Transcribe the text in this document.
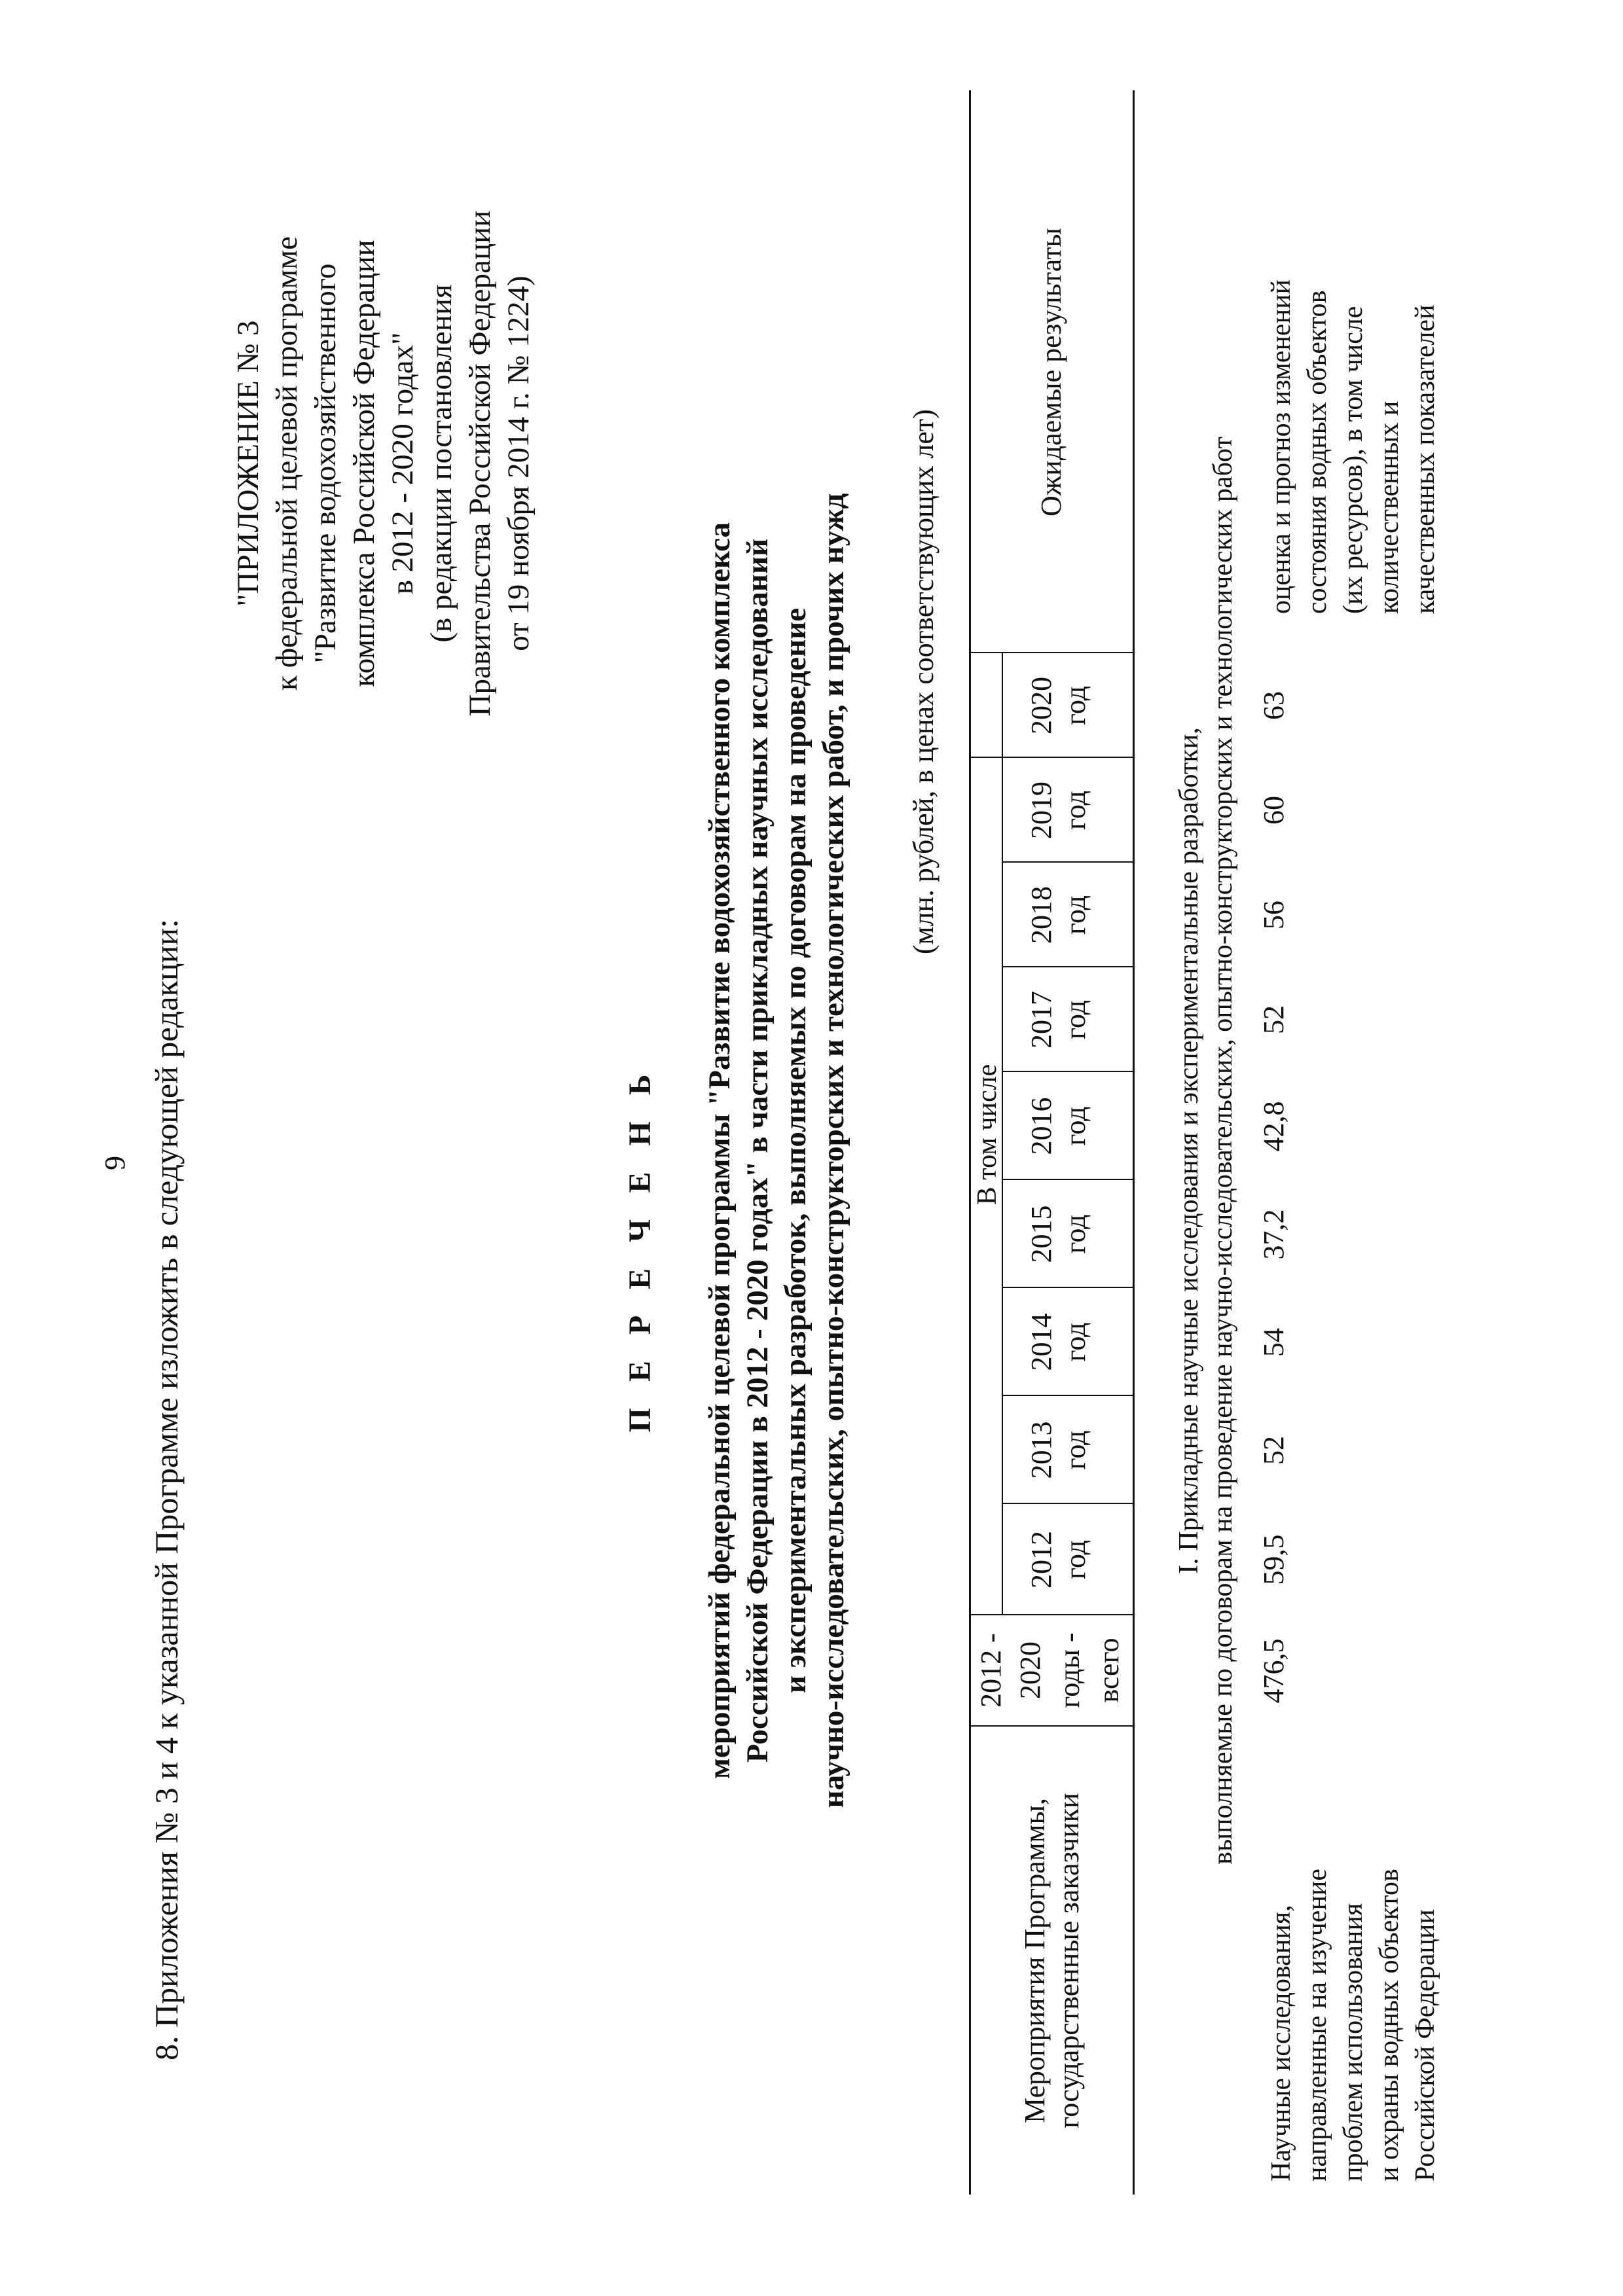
9 8. Приложения № 3 и 4 к указанной Программе изложить в следующей редакции:
"ПРИЛОЖЕНИЕ № 3 к федеральной целевой программе "Развитие водохозяйственного комплекса Российской Федерации в 2012 - 2020 годах" (в редакции постановления Правительства Российской Федерации от 19 ноября 2014 г. № 1224)
П Е Р Е Ч Е Н Ь мероприятий федеральной целевой программы "Развитие водохозяйственного комплекса Российской Федерации в 2012 - 2020 годах" в части прикладных научных исследований и экспериментальных разработок, выполняемых по договорам на проведение научно-исследовательских, опытно-конструкторских и технологических работ, и прочих нужд (млн. рублей, в ценах соответствующих лет)
Мероприятия Программы, государственные заказчики
2012 - 2020 годы - всего
В том числе
2012 год
2013 год
2014 год
2015 год
2016 год
2017 год
2018 год
2019 год
2020 год
Ожидаемые результаты
I. Прикладные научные исследования и экспериментальные разработки, выполняемые по договорам на проведение научно-исследовательских, опытно-конструкторских и технологических работ
Научные исследования, направленные на изучение проблем использования и охраны водных объектов Российской Федерации
476,5
59,5
52
54
37,2
42,8
52
56
60
63
оценка и прогноз изменений состояния водных объектов (их ресурсов), в том числе количественных и качественных показателей
